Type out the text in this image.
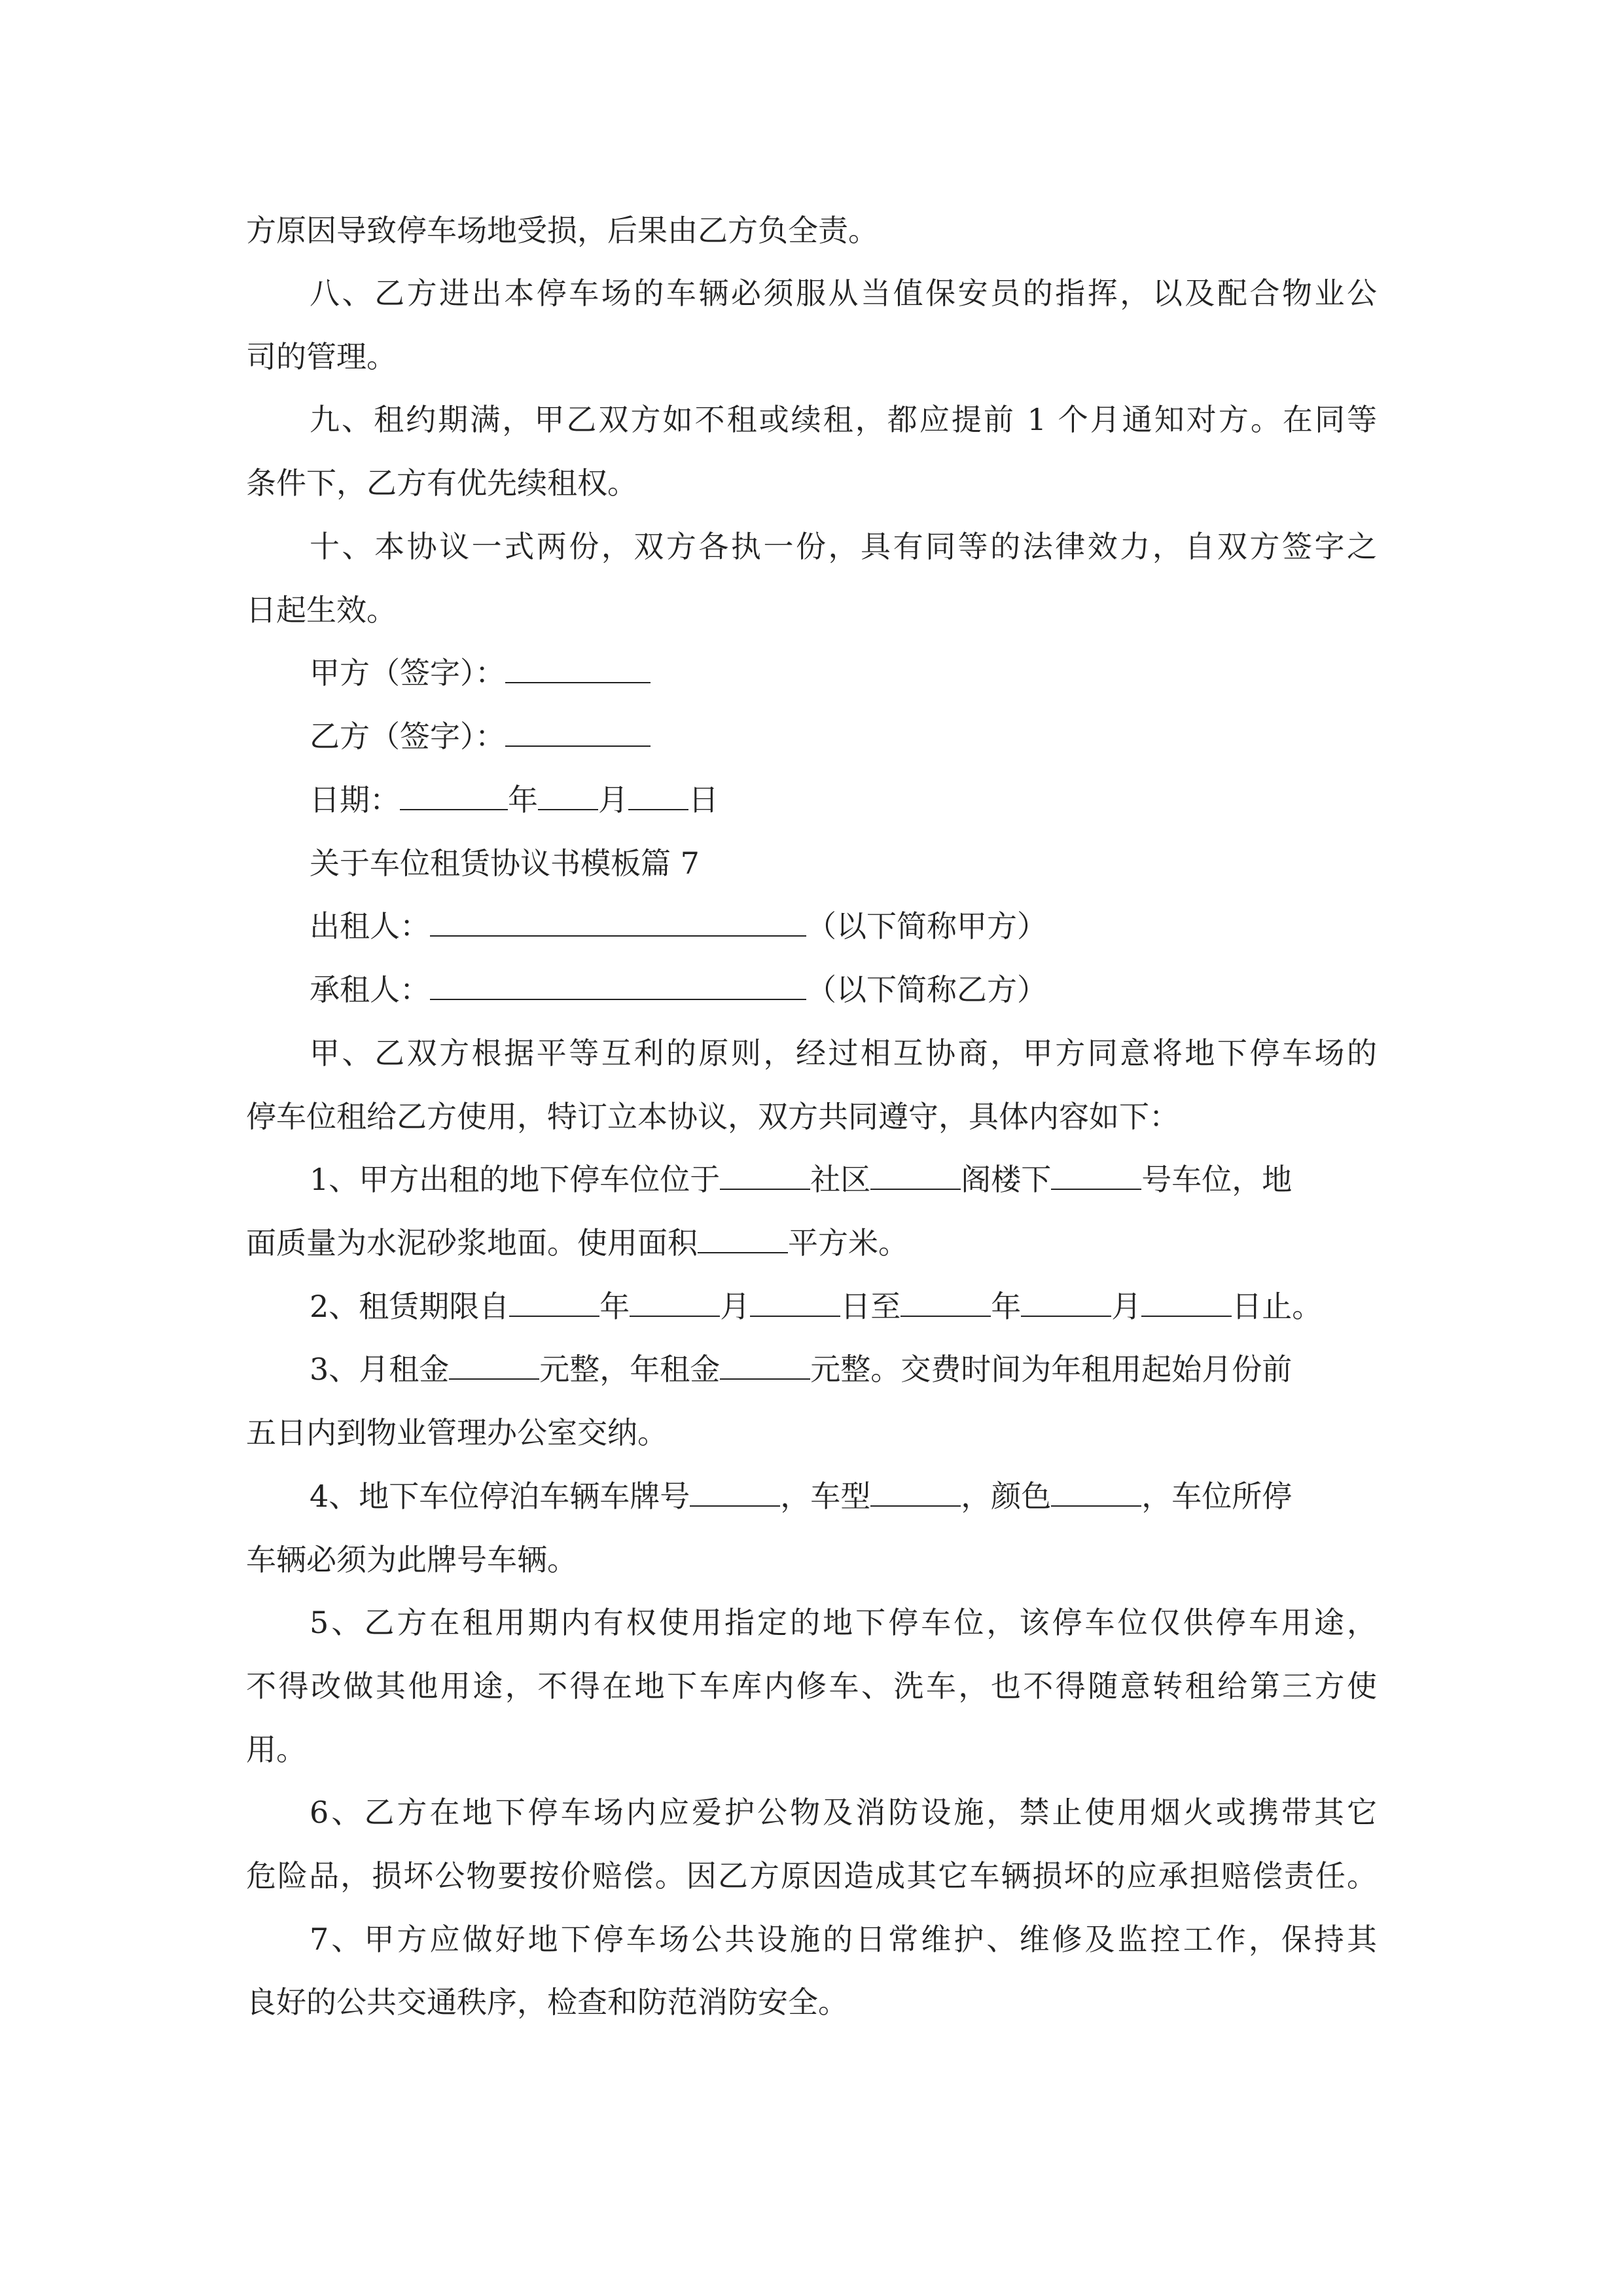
方原因导致停车场地受损，后果由乙方负全责。

八、乙方进出本停车场的车辆必须服从当值保安员的指挥，以及配合物业公

司的管理。

九、租约期满，甲乙双方如不租或续租，都应提前 1 个月通知对方。在同等

条件下，乙方有优先续租权。

十、本协议一式两份，双方各执一份，具有同等的法律效力，自双方签字之

日起生效。

甲方（签字）：

乙方（签字）：

日期：	年 月 日

关于车位租赁协议书模板篇 7

出租人：	（以下简称甲方）

承租人：	（以下简称乙方）

甲、乙双方根据平等互利的原则，经过相互协商，甲方同意将地下停车场的

停车位租给乙方使用，特订立本协议，双方共同遵守，具体内容如下：

1、甲方出租的地下停车位位于	社区	阁楼下	号车位，地

面质量为水泥砂浆地面。使用面积	平方米。

2、租赁期限自	年	月	日至	年	月	日止。

3、月租金	元整，年租金	元整。交费时间为年租用起始月份前

五日内到物业管理办公室交纳。

4、地下车位停泊车辆车牌号	，车型	，颜色	，车位所停

车辆必须为此牌号车辆。

5、乙方在租用期内有权使用指定的地下停车位，该停车位仅供停车用途，

不得改做其他用途，不得在地下车库内修车、洗车，也不得随意转租给第三方使

用。

6、乙方在地下停车场内应爱护公物及消防设施，禁止使用烟火或携带其它

危险品，损坏公物要按价赔偿。因乙方原因造成其它车辆损坏的应承担赔偿责任。

7、甲方应做好地下停车场公共设施的日常维护、维修及监控工作，保持其

良好的公共交通秩序，检查和防范消防安全。
